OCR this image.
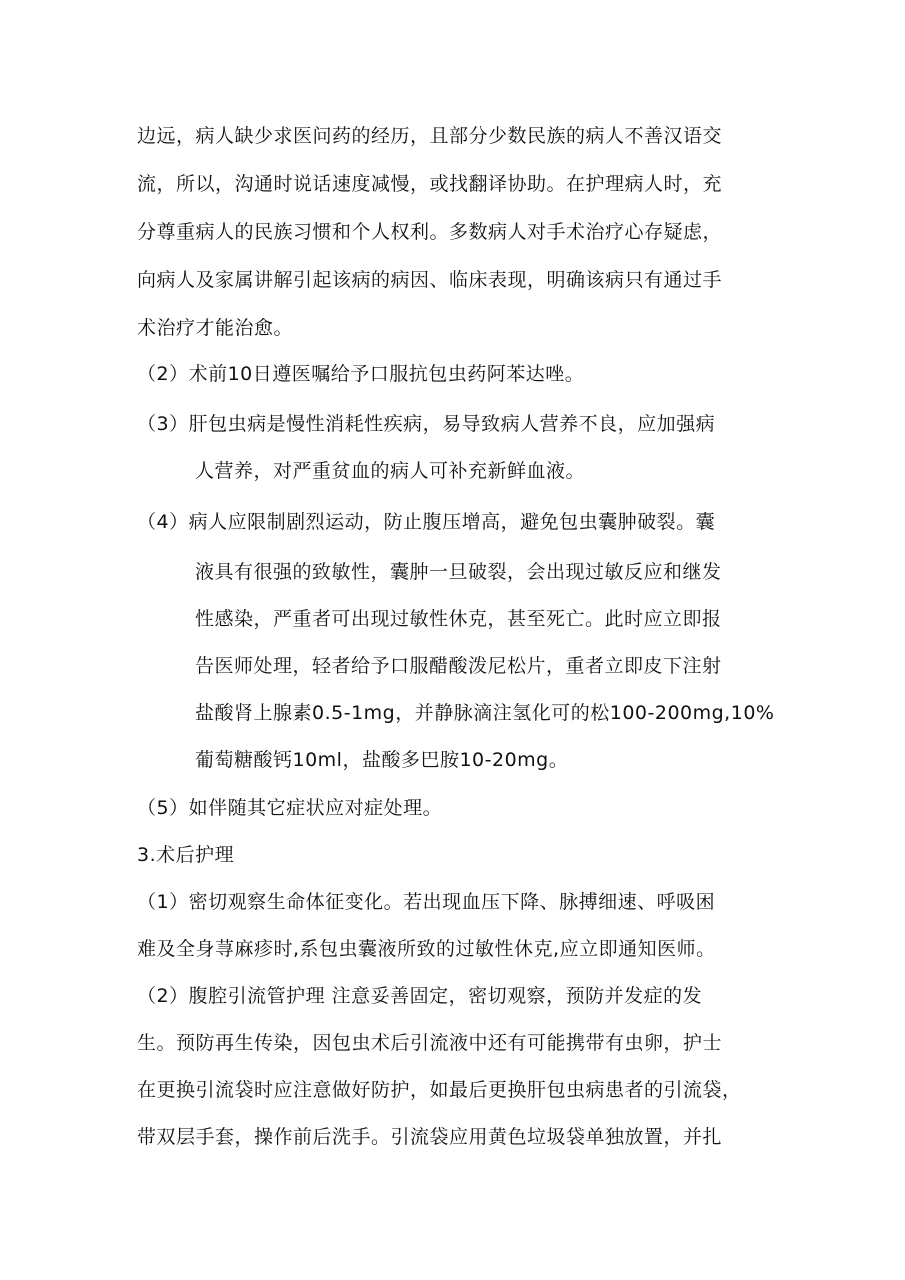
边远，病人缺少求医问药的经历，且部分少数民族的病人不善汉语交
流，所以，沟通时说话速度减慢，或找翻译协助。在护理病人时，充
分尊重病人的民族习惯和个人权利。多数病人对手术治疗心存疑虑，
向病人及家属讲解引起该病的病因、临床表现，明确该病只有通过手
术治疗才能治愈。
（2）术前10日遵医嘱给予口服抗包虫药阿苯达唑。
（3）肝包虫病是慢性消耗性疾病，易导致病人营养不良，应加强病
人营养，对严重贫血的病人可补充新鲜血液。
（4）病人应限制剧烈运动，防止腹压增高，避免包虫囊肿破裂。囊
液具有很强的致敏性，囊肿一旦破裂，会出现过敏反应和继发
性感染，严重者可出现过敏性休克，甚至死亡。此时应立即报
告医师处理，轻者给予口服醋酸泼尼松片，重者立即皮下注射
盐酸肾上腺素0.5-1mg，并静脉滴注氢化可的松100-200mg,10%
葡萄糖酸钙10ml，盐酸多巴胺10-20mg。
（5）如伴随其它症状应对症处理。
3.术后护理
（1）密切观察生命体征变化。若出现血压下降、脉搏细速、呼吸困
难及全身荨麻疹时,系包虫囊液所致的过敏性休克,应立即通知医师。
（2）腹腔引流管护理 注意妥善固定，密切观察，预防并发症的发
生。预防再生传染，因包虫术后引流液中还有可能携带有虫卵，护士
在更换引流袋时应注意做好防护，如最后更换肝包虫病患者的引流袋，
带双层手套，操作前后洗手。引流袋应用黄色垃圾袋单独放置，并扎
